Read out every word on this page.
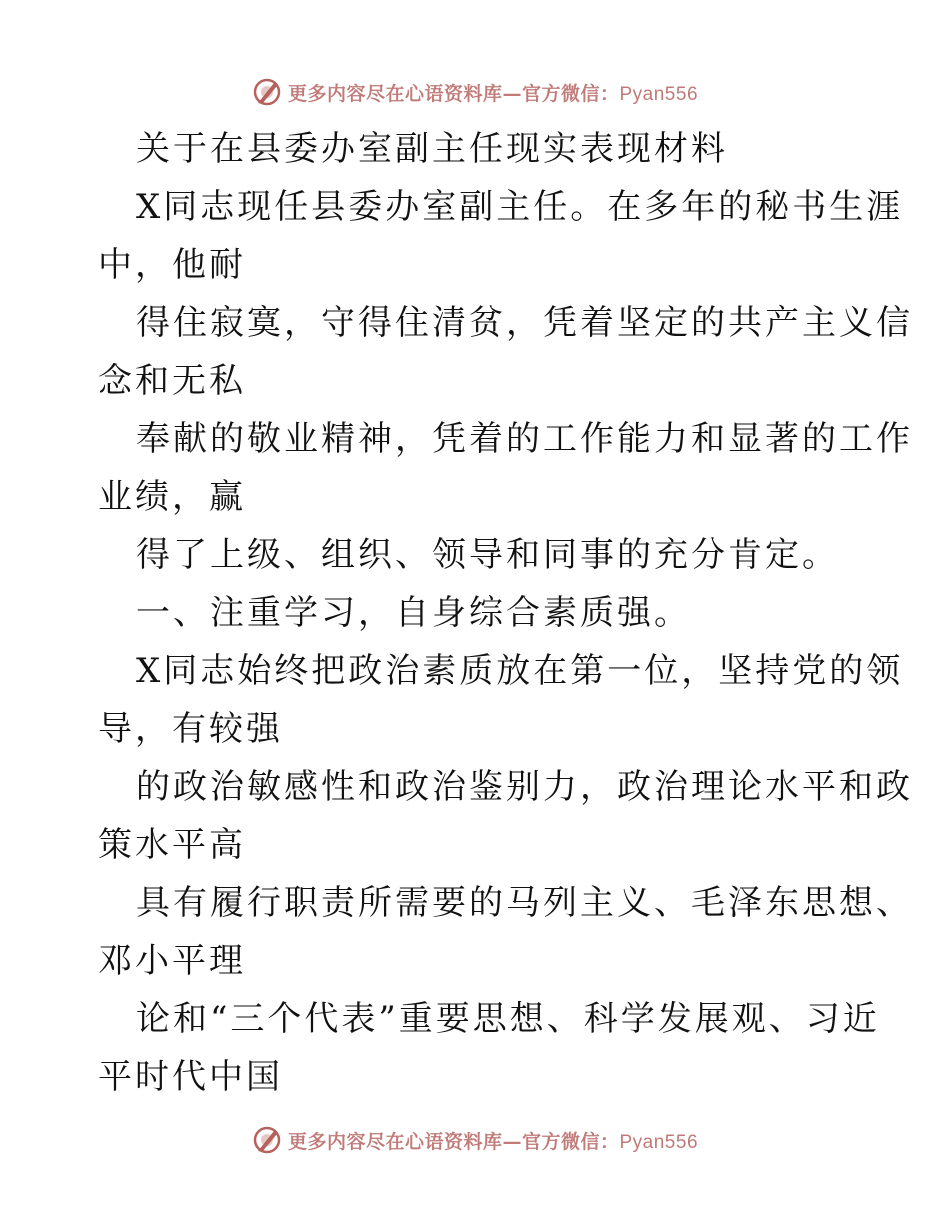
更多内容尽在心语资料库—官方微信：Pyan556
关于在县委办室副主任现实表现材料
X同志现任县委办室副主任。在多年的秘书生涯
中，他耐
得住寂寞，守得住清贫，凭着坚定的共产主义信
念和无私
奉献的敬业精神，凭着的工作能力和显著的工作
业绩，赢
得了上级、组织、领导和同事的充分肯定。
一、注重学习，自身综合素质强。
X同志始终把政治素质放在第一位，坚持党的领
导，有较强
的政治敏感性和政治鉴别力，政治理论水平和政
策水平高
具有履行职责所需要的马列主义、毛泽东思想、
邓小平理
论和“三个代表”重要思想、科学发展观、习近
平时代中国
更多内容尽在心语资料库—官方微信：Pyan556
